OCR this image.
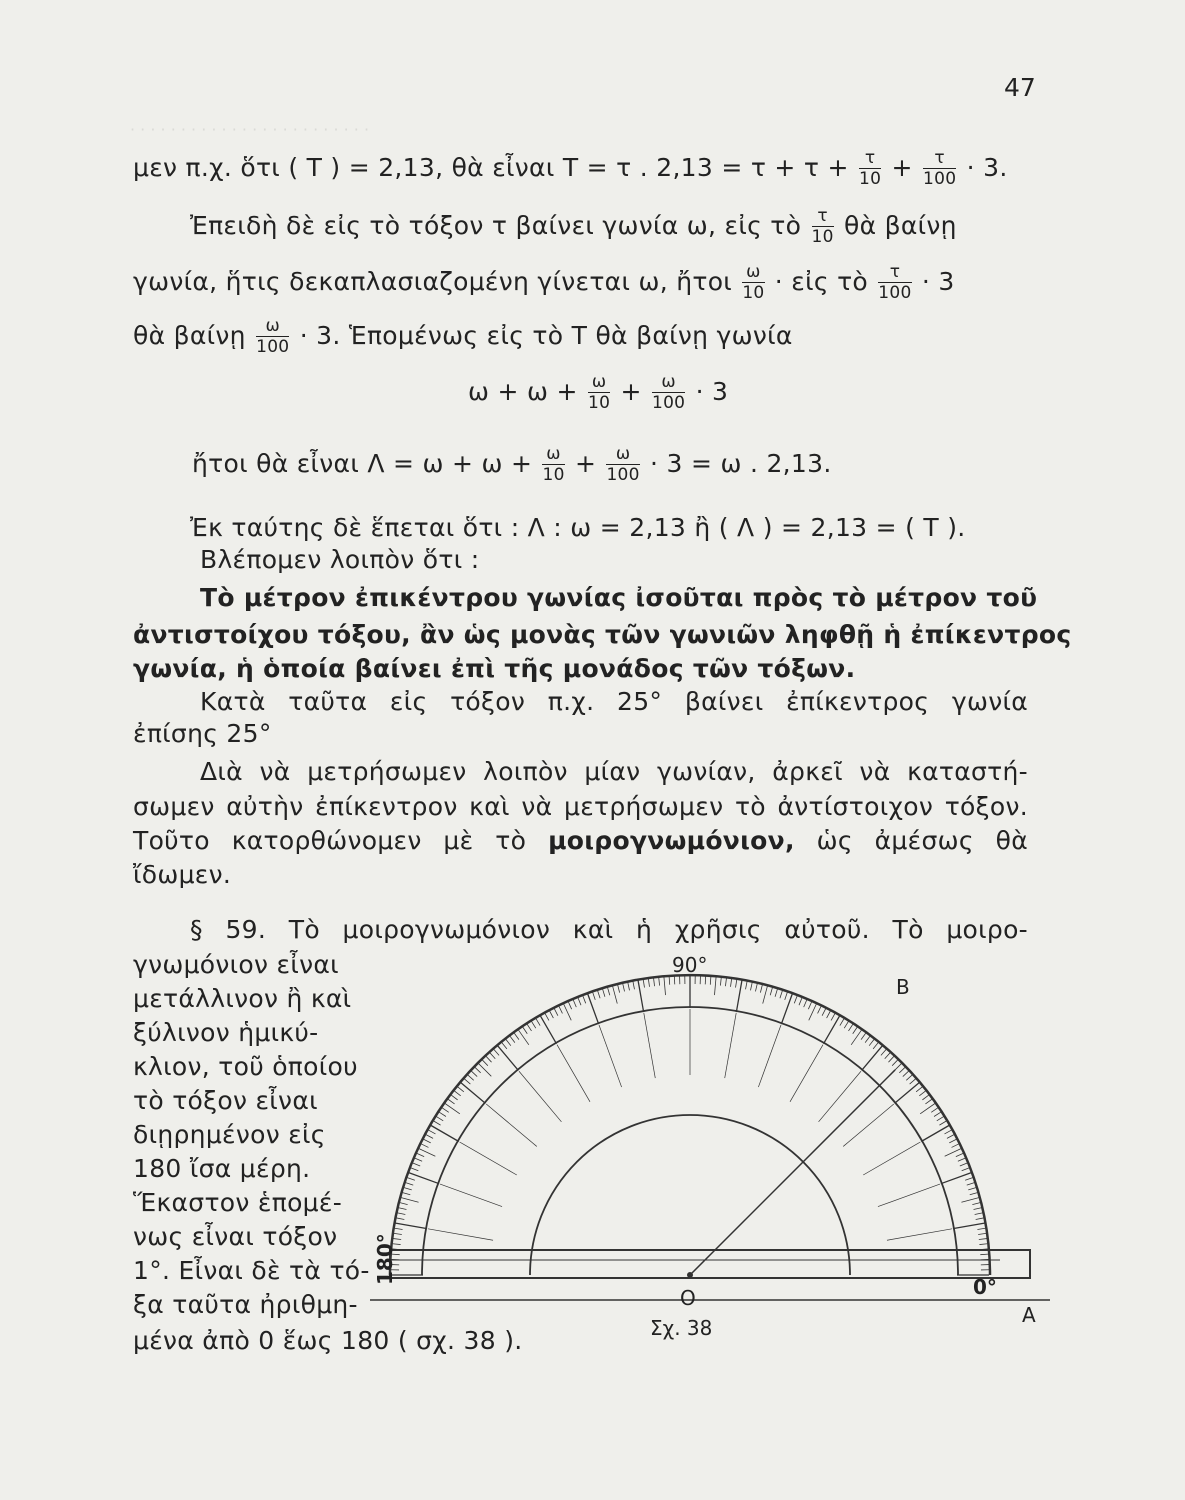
47
· · · · · · · · · · · · · · · · · · · · · · · ·
μεν π.χ. ὅτι ( T ) = 2,13, θὰ εἶναι T = τ . $2,13 = \tau + \tau + \frac{\tau}{10} + \frac{\tau}{100} \cdot 3$.
Ἐπειδὴ δὲ εἰς τὸ τόξον τ βαίνει γωνία ω, εἰς τὸ $\frac{\tau}{10}$ θὰ βαίνῃ
γωνία, ἥτις δεκαπλασιαζομένη γίνεται ω, ἤτοι $\frac{\omega}{10}$ · εἰς τὸ $\frac{\tau}{100} \cdot 3$
θὰ βαίνῃ $\frac{\omega}{100} \cdot 3$. Ἑπομένως εἰς τὸ T θὰ βαίνῃ γωνία
$\omega + \omega + \frac{\omega}{10} + \frac{\omega}{100} \cdot 3$
ἤτοι θὰ εἶναι $\Lambda = \omega + \omega + \frac{\omega}{10} + \frac{\omega}{100} \cdot 3 = \omega$ . 2,13.
Ἐκ ταύτης δὲ ἕπεται ὅτι : Λ : ω = 2,13 ἢ ( Λ ) = 2,13 = ( T ).
Βλέπομεν λοιπὸν ὅτι :
Τὸ μέτρον ἐπικέντρου γωνίας ἰσοῦται πρὸς τὸ μέτρον τοῦ
ἀντιστοίχου τόξου, ἂν ὡς μονὰς τῶν γωνιῶν ληφθῇ ἡ ἐπίκεντρος
γωνία, ἡ ὁποία βαίνει ἐπὶ τῆς μονάδος τῶν τόξων.
Κατὰ ταῦτα εἰς τόξον π.χ. 25° βαίνει ἐπίκεντρος γωνία
ἐπίσης 25°
Διὰ νὰ μετρήσωμεν λοιπὸν μίαν γωνίαν, ἀρκεῖ νὰ καταστή-
σωμεν αὐτὴν ἐπίκεντρον καὶ νὰ μετρήσωμεν τὸ ἀντίστοιχον τόξον.
Τοῦτο κατορθώνομεν μὲ τὸ μοιρογνωμόνιον, ὡς ἀμέσως θὰ
ἴδωμεν.
§ 59. Τὸ μοιρογνωμόνιον καὶ ἡ χρῆσις αὐτοῦ. Τὸ μοιρο-
γνωμόνιον εἶναι
μετάλλινον ἢ καὶ
ξύλινον ἡμικύ-
κλιον, τοῦ ὁποίου
τὸ τόξον εἶναι
διῃρημένον εἰς
180 ἴσα μέρη.
Ἕκαστον ἑπομέ-
νως εἶναι τόξον
1°. Εἶναι δὲ τὰ τό-
ξα ταῦτα ἠριθμη-
μένα ἀπὸ 0 ἕως 180 ( σχ. 38 ).
90°
B
180°
0°
A
O
Σχ. 38
